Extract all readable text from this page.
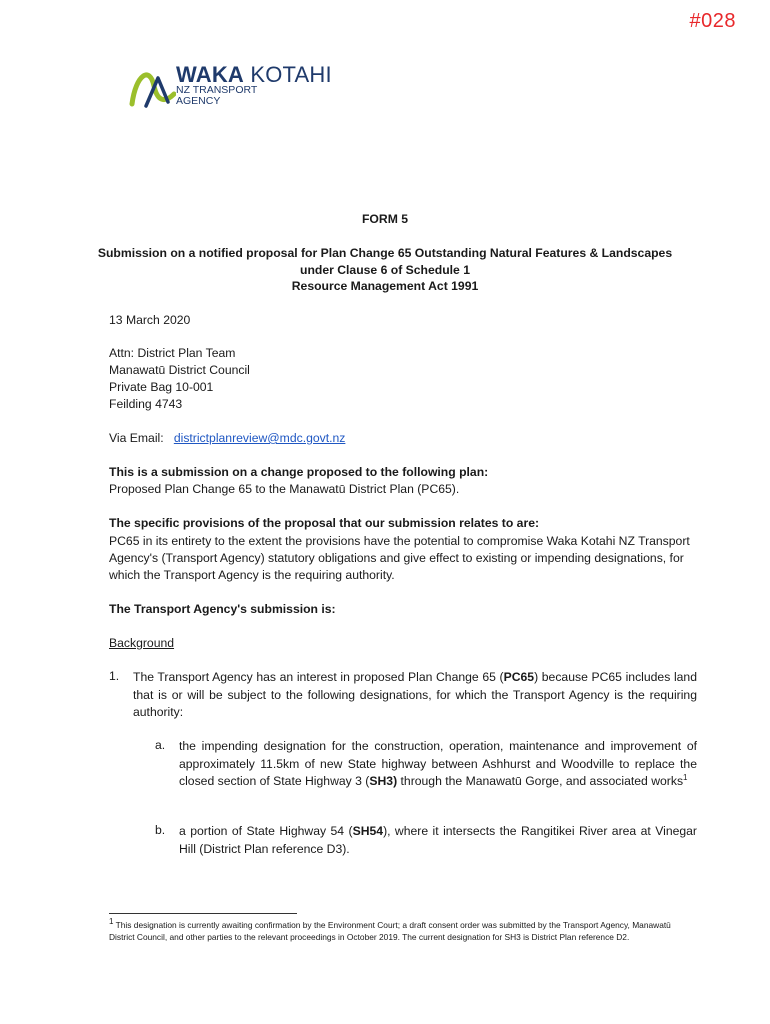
#028
WAKA KOTAHI
NZ TRANSPORT
AGENCY
FORM 5
Submission on a notified proposal for Plan Change 65 Outstanding Natural Features & Landscapes
under Clause 6 of Schedule 1
Resource Management Act 1991
13 March 2020
Attn: District Plan Team
Manawatū District Council
Private Bag 10-001
Feilding 4743
Via Email: districtplanreview@mdc.govt.nz
This is a submission on a change proposed to the following plan:
Proposed Plan Change 65 to the Manawatū District Plan (PC65).
The specific provisions of the proposal that our submission relates to are:
PC65 in its entirety to the extent the provisions have the potential to compromise Waka Kotahi NZ Transport Agency's (Transport Agency) statutory obligations and give effect to existing or impending designations, for which the Transport Agency is the requiring authority.
The Transport Agency's submission is:
Background
1. The Transport Agency has an interest in proposed Plan Change 65 (PC65) because PC65 includes land that is or will be subject to the following designations, for which the Transport Agency is the requiring authority:
a. the impending designation for the construction, operation, maintenance and improvement of approximately 11.5km of new State highway between Ashhurst and Woodville to replace the closed section of State Highway 3 (SH3) through the Manawatū Gorge, and associated works$^1$
b. a portion of State Highway 54 (SH54), where it intersects the Rangitikei River area at Vinegar Hill (District Plan reference D3).
$^1$ This designation is currently awaiting confirmation by the Environment Court; a draft consent order was submitted by the Transport Agency, Manawatū District Council, and other parties to the relevant proceedings in October 2019. The current designation for SH3 is District Plan reference D2.
